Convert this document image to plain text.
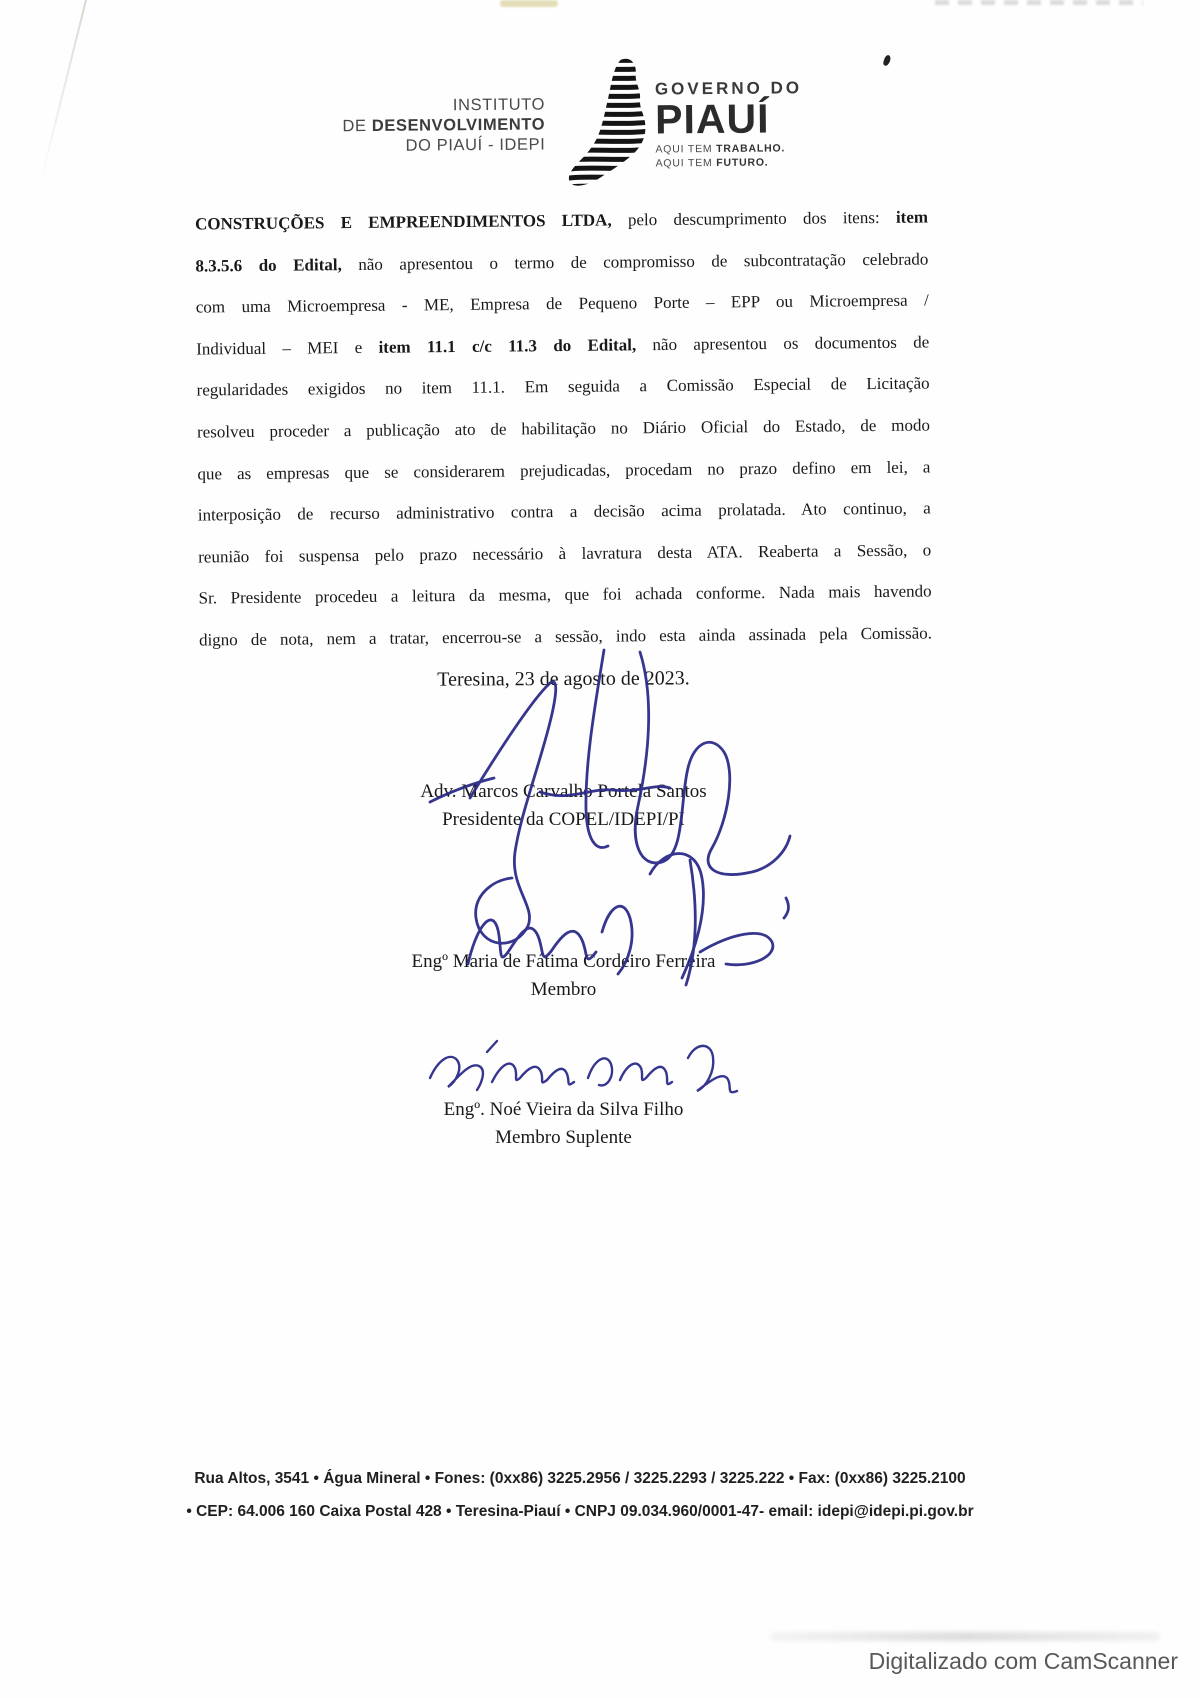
INSTITUTO
DE DESENVOLVIMENTO
DO PIAUÍ - IDEPI
GOVERNO DO
PIAUÍ
AQUI TEM TRABALHO.
AQUI TEM FUTURO.
CONSTRUÇÕES E EMPREENDIMENTOS LTDA, pelo descumprimento dos itens: item
8.3.5.6 do Edital, não apresentou o termo de compromisso de subcontratação celebrado
com uma Microempresa - ME, Empresa de Pequeno Porte – EPP ou Microempresa /
Individual – MEI e item 11.1 c/c 11.3 do Edital, não apresentou os documentos de
regularidades exigidos no item 11.1. Em seguida a Comissão Especial de Licitação
resolveu proceder a publicação ato de habilitação no Diário Oficial do Estado, de modo
que as empresas que se considerarem prejudicadas, procedam no prazo defino em lei, a
interposição de recurso administrativo contra a decisão acima prolatada. Ato continuo, a
reunião foi suspensa pelo prazo necessário à lavratura desta ATA. Reaberta a Sessão, o
Sr. Presidente procedeu a leitura da mesma, que foi achada conforme. Nada mais havendo
digno de nota, nem a tratar, encerrou-se a sessão, indo esta ainda assinada pela Comissão.
Teresina, 23 de agosto de 2023.
Adv. Marcos Carvalho Portela Santos
Presidente da COPEL/IDEPI/PI
Engº Maria de Fátima Cordeiro Ferreira
Membro
Engº. Noé Vieira da Silva Filho
Membro Suplente
Rua Altos, 3541 • Água Mineral • Fones: (0xx86) 3225.2956 / 3225.2293 / 3225.222 • Fax: (0xx86) 3225.2100
• CEP: 64.006 160 Caixa Postal 428 • Teresina-Piauí • CNPJ 09.034.960/0001-47- email: idepi@idepi.pi.gov.br
Digitalizado com CamScanner
